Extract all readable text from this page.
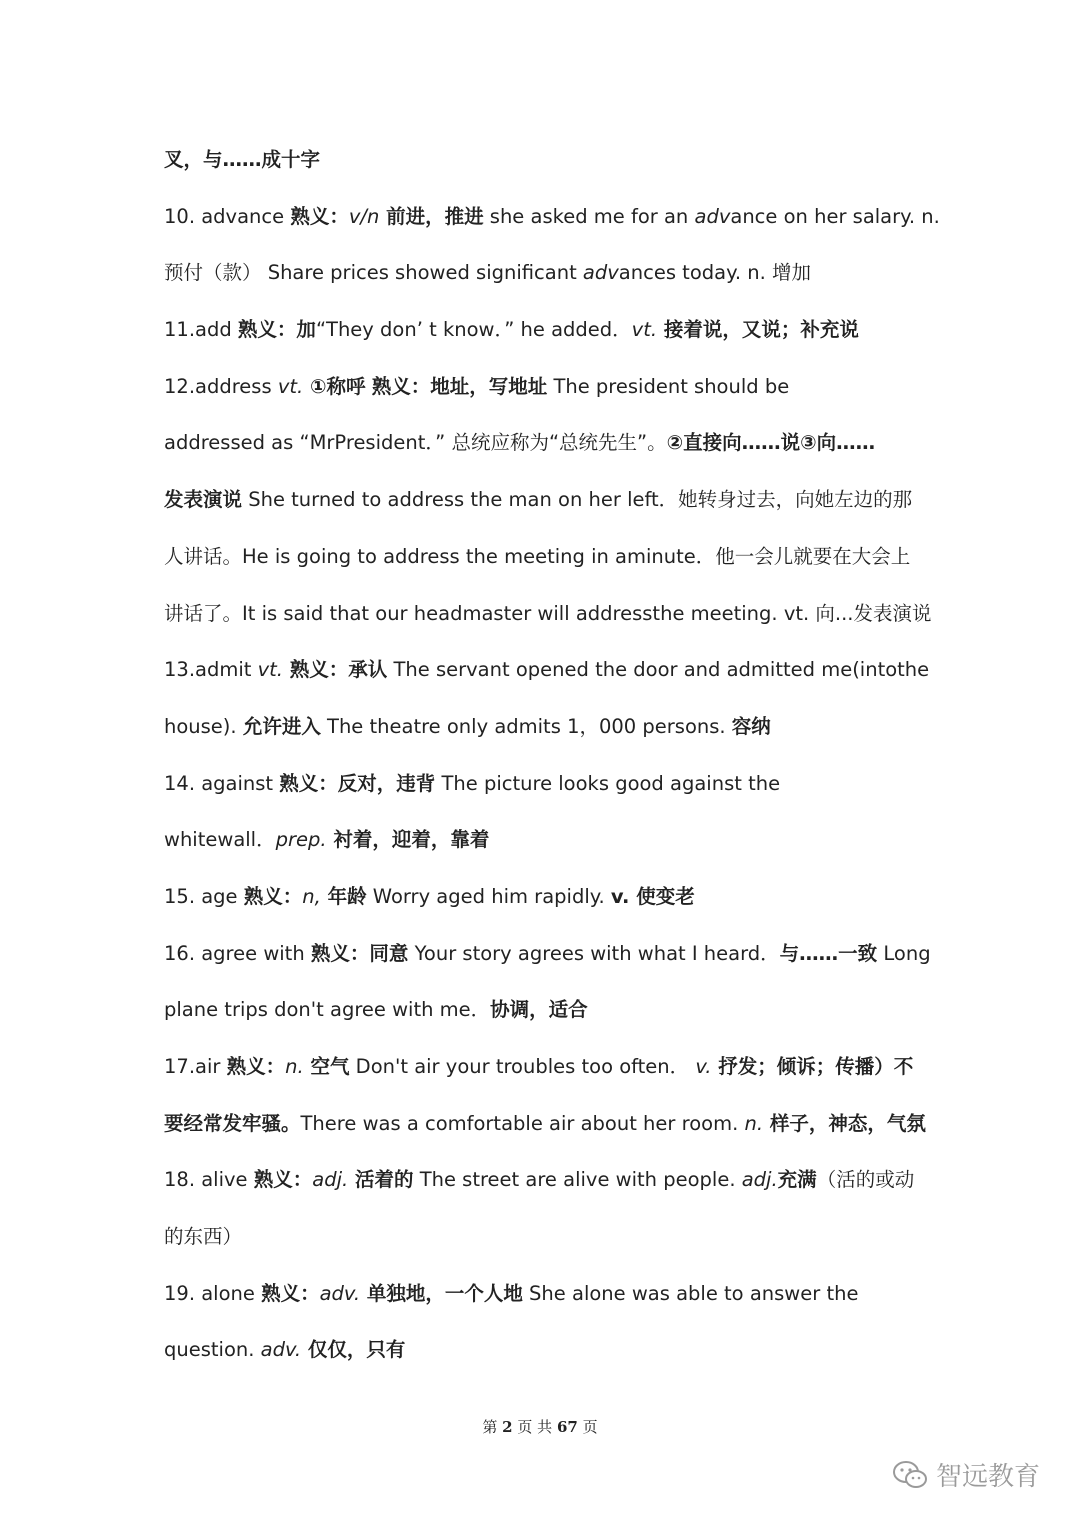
叉，与……成十字
10. advance 熟义：v/n 前进，推进 she asked me for an advance on her salary. n.
预付（款） Share prices showed significant advances today. n. 增加
11.add 熟义：加“They don’ t know．” he added．vt. 接着说，又说；补充说
12.address vt. ①称呼 熟义：地址，写地址 The president should be
addressed as “MrPresident．” 总统应称为“总统先生”。②直接向……说③向……
发表演说 She turned to address the man on her left．她转身过去，向她左边的那
人讲话。He is going to address the meeting in aminute．他一会儿就要在大会上
讲话了。It is said that our headmaster will addressthe meeting. vt. 向...发表演说
13.admit vt. 熟义：承认 The servant opened the door and admitted me(intothe
house). 允许进入 The theatre only admits 1，000 persons. 容纳
14. against 熟义：反对，违背 The picture looks good against the
whitewall．prep. 衬着，迎着，靠着
15. age 熟义：n, 年龄 Worry aged him rapidly. v. 使变老
16. agree with 熟义：同意 Your story agrees with what I heard．与……一致 Long
plane trips don't agree with me．协调，适合
17.air 熟义：n. 空气 Don't air your troubles too often． v. 抒发；倾诉；传播）不
要经常发牢骚。There was a comfortable air about her room. n. 样子，神态，气氛
18. alive 熟义：adj. 活着的 The street are alive with people. adj.充满（活的或动
的东西）
19. alone 熟义：adv. 单独地，一个人地 She alone was able to answer the
question. adv. 仅仅，只有
第 2 页 共 67 页
智远教育
